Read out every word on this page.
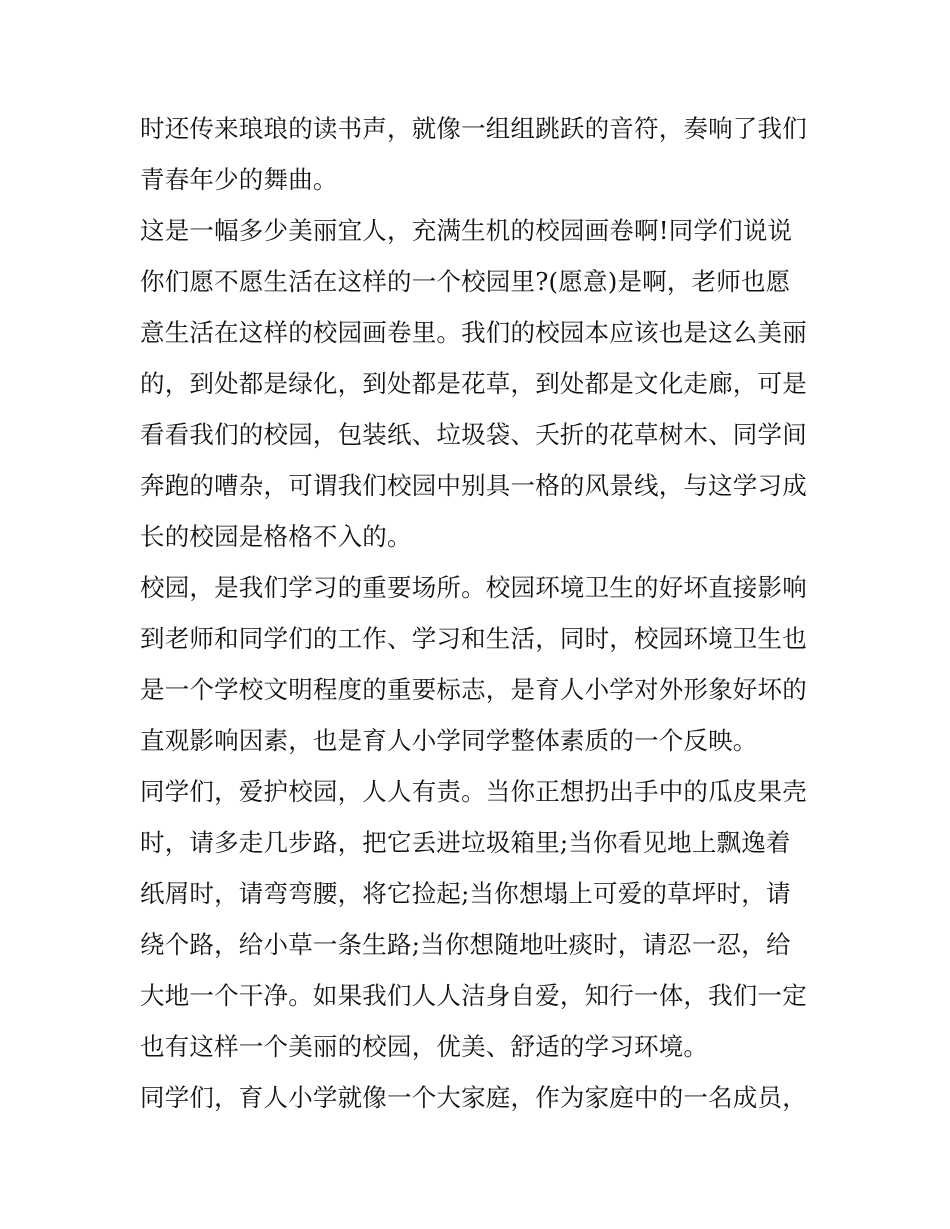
时还传来琅琅的读书声，就像一组组跳跃的音符，奏响了我们
青春年少的舞曲。
这是一幅多少美丽宜人，充满生机的校园画卷啊!同学们说说
你们愿不愿生活在这样的一个校园里?(愿意)是啊，老师也愿
意生活在这样的校园画卷里。我们的校园本应该也是这么美丽
的，到处都是绿化，到处都是花草，到处都是文化走廊，可是
看看我们的校园，包装纸、垃圾袋、夭折的花草树木、同学间
奔跑的嘈杂，可谓我们校园中别具一格的风景线，与这学习成
长的校园是格格不入的。
校园，是我们学习的重要场所。校园环境卫生的好坏直接影响
到老师和同学们的工作、学习和生活，同时，校园环境卫生也
是一个学校文明程度的重要标志，是育人小学对外形象好坏的
直观影响因素，也是育人小学同学整体素质的一个反映。
同学们，爱护校园，人人有责。当你正想扔出手中的瓜皮果壳
时，请多走几步路，把它丢进垃圾箱里;当你看见地上飘逸着
纸屑时，请弯弯腰，将它捡起;当你想塌上可爱的草坪时，请
绕个路，给小草一条生路;当你想随地吐痰时，请忍一忍，给
大地一个干净。如果我们人人洁身自爱，知行一体，我们一定
也有这样一个美丽的校园，优美、舒适的学习环境。
同学们，育人小学就像一个大家庭，作为家庭中的一名成员，
